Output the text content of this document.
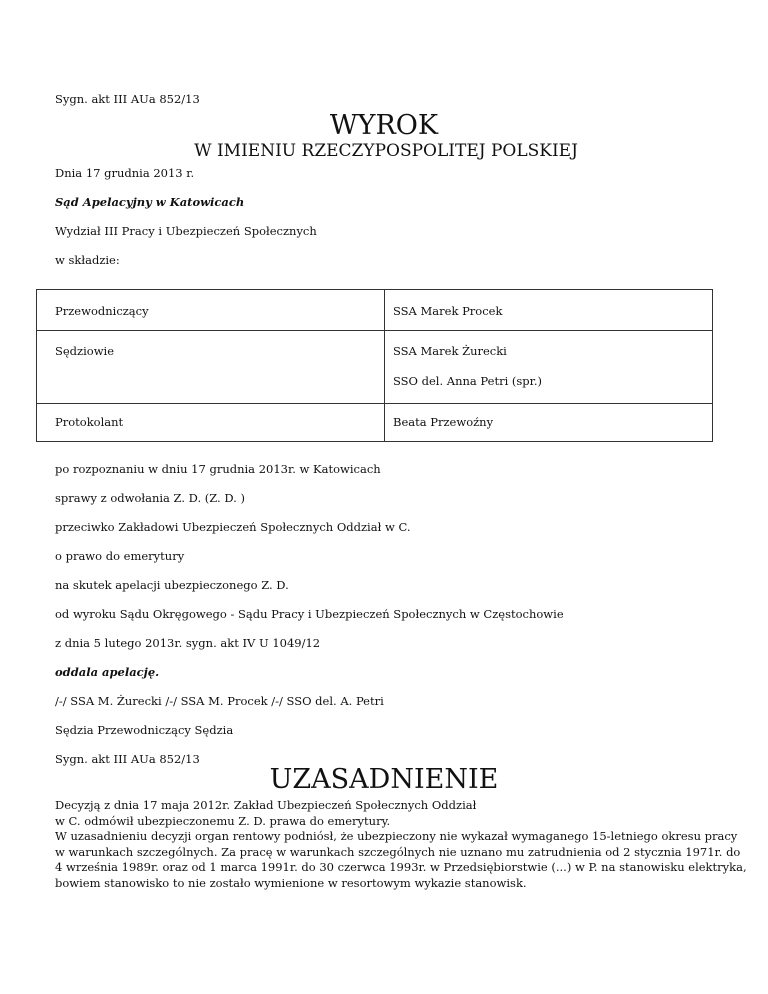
Sygn. akt III AUa 852/13
WYROK
W IMIENIU RZECZYPOSPOLITEJ POLSKIEJ
Dnia 17 grudnia 2013 r.
Sąd Apelacyjny w Katowicach
Wydział III Pracy i Ubezpieczeń Społecznych
w składzie:
Przewodniczący	SSA Marek Procek
Sędziowie	SSA Marek Żurecki
SSO del. Anna Petri (spr.)
Protokolant	Beata Przewoźny
po rozpoznaniu w dniu 17 grudnia 2013r. w Katowicach
sprawy z odwołania Z. D. (Z. D. )
przeciwko Zakładowi Ubezpieczeń Społecznych Oddział w C.
o prawo do emerytury
na skutek apelacji ubezpieczonego Z. D.
od wyroku Sądu Okręgowego - Sądu Pracy i Ubezpieczeń Społecznych w Częstochowie
z dnia 5 lutego 2013r. sygn. akt IV U 1049/12
oddala apelację.
/-/ SSA M. Żurecki /-/ SSA M. Procek /-/ SSO del. A. Petri
Sędzia Przewodniczący Sędzia
Sygn. akt III AUa 852/13
UZASADNIENIE
Decyzją z dnia 17 maja 2012r. Zakład Ubezpieczeń Społecznych Oddział
w C. odmówił ubezpieczonemu Z. D. prawa do emerytury.
W uzasadnieniu decyzji organ rentowy podniósł, że ubezpieczony nie wykazał wymaganego 15-letniego okresu pracy
w warunkach szczególnych. Za pracę w warunkach szczególnych nie uznano mu zatrudnienia od 2 stycznia 1971r. do
4 września 1989r. oraz od 1 marca 1991r. do 30 czerwca 1993r. w Przedsiębiorstwie (...) w P. na stanowisku elektryka,
bowiem stanowisko to nie zostało wymienione w resortowym wykazie stanowisk.
